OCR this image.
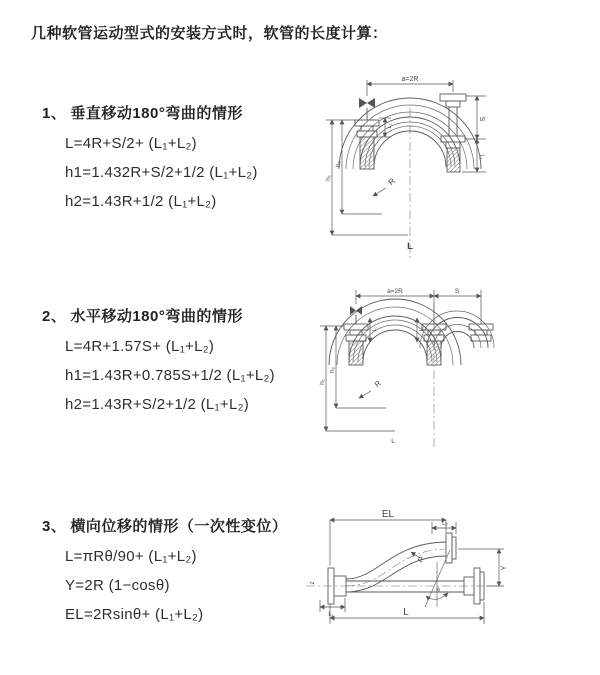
几种软管运动型式的安装方式时，软管的长度计算：
1、 垂直移动180°弯曲的情形
L=4R+S/2+ (L₁+L₂)
h1=1.432R+S/2+1/2 (L₁+L₂)
h2=1.43R+1/2 (L₁+L₂)
2、 水平移动180°弯曲的情形
L=4R+1.57S+ (L₁+L₂)
h1=1.43R+0.785S+1/2 (L₁+L₂)
h2=1.43R+S/2+1/2 (L₁+L₂)
3、 横向位移的情形（一次性变位）
L=πRθ/90+ (L₁+L₂)
Y=2R (1−cosθ)
EL=2Rsinθ+ (L₁+L₂)
a=2R
S
L₁
h₁
h₂
L₁
R
L
a=2R	S
h₁
h₂
L₁	L₂
R
L
EL
L₂
Y
R
θ
L
L₁
z
